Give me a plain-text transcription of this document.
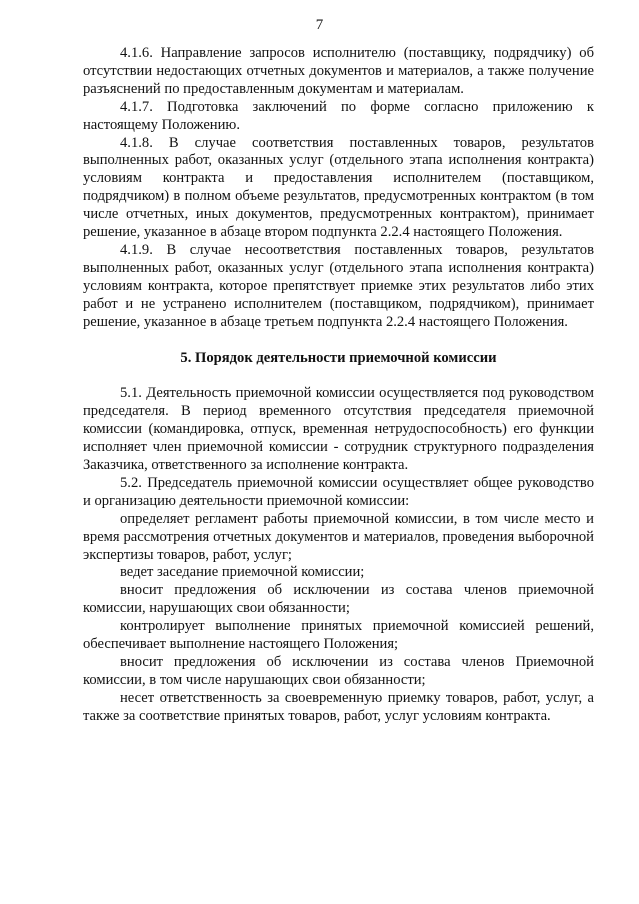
7

4.1.6. Направление запросов исполнителю (поставщику, подрядчику) об отсутствии недостающих отчетных документов и материалов, а также получение разъяснений по предоставленным документам и материалам.

4.1.7. Подготовка заключений по форме согласно приложению к настоящему Положению.

4.1.8. В случае соответствия поставленных товаров, результатов выполненных работ, оказанных услуг (отдельного этапа исполнения контракта) условиям контракта и предоставления исполнителем (поставщиком, подрядчиком) в полном объеме результатов, предусмотренных контрактом (в том числе отчетных, иных документов, предусмотренных контрактом), принимает решение, указанное в абзаце втором подпункта 2.2.4 настоящего Положения.

4.1.9. В случае несоответствия поставленных товаров, результатов выполненных работ, оказанных услуг (отдельного этапа исполнения контракта) условиям контракта, которое препятствует приемке этих результатов либо этих работ и не устранено исполнителем (поставщиком, подрядчиком), принимает решение, указанное в абзаце третьем подпункта 2.2.4 настоящего Положения.

5. Порядок деятельности приемочной комиссии

5.1. Деятельность приемочной комиссии осуществляется под руководством председателя. В период временного отсутствия председателя приемочной комиссии (командировка, отпуск, временная нетрудоспособность) его функции исполняет член приемочной комиссии - сотрудник структурного подразделения Заказчика, ответственного за исполнение контракта.

5.2. Председатель приемочной комиссии осуществляет общее руководство и организацию деятельности приемочной комиссии:

определяет регламент работы приемочной комиссии, в том числе место и время рассмотрения отчетных документов и материалов, проведения выборочной экспертизы товаров, работ, услуг;

ведет заседание приемочной комиссии;

вносит предложения об исключении из состава членов приемочной комиссии, нарушающих свои обязанности;

контролирует выполнение принятых приемочной комиссией решений, обеспечивает выполнение настоящего Положения;

вносит предложения об исключении из состава членов Приемочной комиссии, в том числе нарушающих свои обязанности;

несет ответственность за своевременную приемку товаров, работ, услуг, а также за соответствие принятых товаров, работ, услуг условиям контракта.
